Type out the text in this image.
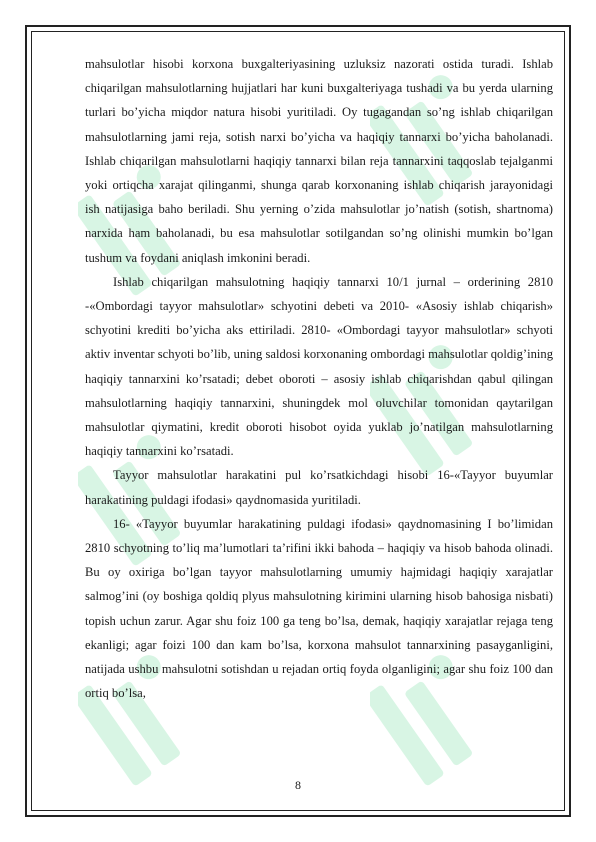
mahsulotlar hisobi korxona buxgalteriyasining uzluksiz nazorati ostida turadi. Ishlab chiqarilgan mahsulotlarning hujjatlari har kuni buxgalteriyaga tushadi va bu yerda ularning turlari bo’yicha miqdor natura hisobi yuritiladi. Oy tugagandan so’ng ishlab chiqarilgan mahsulotlarning jami reja, sotish narxi bo’yicha va haqiqiy tannarxi bo’yicha baholanadi. Ishlab chiqarilgan mahsulotlarni haqiqiy tannarxi bilan reja tannarxini taqqoslab tejalganmi yoki ortiqcha xarajat qilinganmi, shunga qarab korxonaning ishlab chiqarish jarayonidagi ish natijasiga baho beriladi. Shu yerning o’zida mahsulotlar jo’natish (sotish, shartnoma) narxida ham baholanadi, bu esa mahsulotlar sotilgandan so’ng olinishi mumkin bo’lgan tushum va foydani aniqlash imkonini beradi.

Ishlab chiqarilgan mahsulotning haqiqiy tannarxi 10/1 jurnal – orderining 2810 -«Ombordagi tayyor mahsulotlar» schyotini debeti va 2010- «Asosiy ishlab chiqarish» schyotini krediti bo’yicha aks ettiriladi. 2810- «Ombordagi tayyor mahsulotlar» schyoti aktiv inventar schyoti bo’lib, uning saldosi korxonaning ombordagi mahsulotlar qoldig’ining haqiqiy tannarxini ko’rsatadi; debet oboroti – asosiy ishlab chiqarishdan qabul qilingan mahsulotlarning haqiqiy tannarxini, shuningdek mol oluvchilar tomonidan qaytarilgan mahsulotlar qiymatini, kredit oboroti hisobot oyida yuklab jo’natilgan mahsulotlarning haqiqiy tannarxini ko’rsatadi.

Tayyor mahsulotlar harakatini pul ko’rsatkichdagi hisobi 16-«Tayyor buyumlar harakatining puldagi ifodasi» qaydnomasida yuritiladi.

16- «Tayyor buyumlar harakatining puldagi ifodasi» qaydnomasining I bo’limidan 2810 schyotning to’liq ma’lumotlari ta’rifini ikki bahoda – haqiqiy va hisob bahoda olinadi. Bu oy oxiriga bo’lgan tayyor mahsulotlarning umumiy hajmidagi haqiqiy xarajatlar salmog’ini (oy boshiga qoldiq plyus mahsulotning kirimini ularning hisob bahosiga nisbati) topish uchun zarur. Agar shu foiz 100 ga teng bo’lsa, demak, haqiqiy xarajatlar rejaga teng ekanligi; agar foizi 100 dan kam bo’lsa, korxona mahsulot tannarxining pasayganligini, natijada ushbu mahsulotni sotishdan u rejadan ortiq foyda olganligini; agar shu foiz 100 dan ortiq bo’lsa,

8
